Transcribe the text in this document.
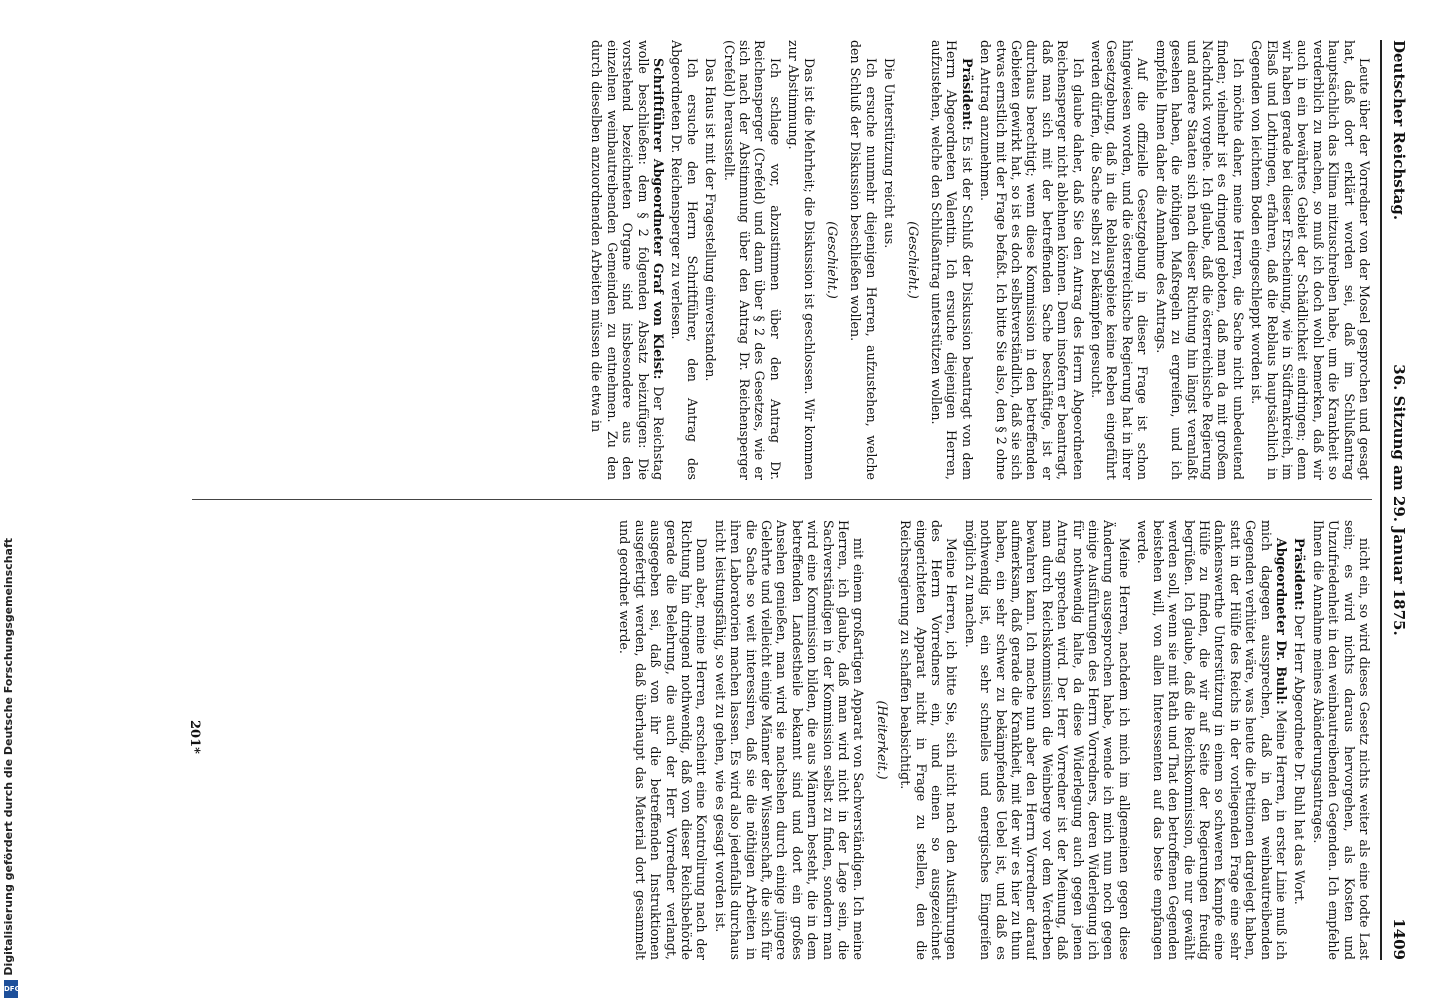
Digitalisierung gefördert durch die Deutsche Forschungsgemeinschaft
DFG
Deutscher Reichstag.
36. Sitzung am 29. Januar 1875.
1409

Leute über der Vorredner von der Mosel gesprochen und gesagt hat, daß dort erklärt worden sei, daß im Schlußantrag hauptsächlich das Klima mitzuschreiben habe, um die Krankheit so verderblich zu machen, so muß ich doch wohl bemerken, daß wir auch in ein bewährtes Gebiet der Schädlichkeit eindringen; denn wir haben gerade bei dieser Erscheinung, wie in Südfrankreich, im Elsaß und Lothringen, erfahren, daß die Reblaus hauptsächlich in Gegenden von leichtem Boden eingeschleppt worden ist.

Ich möchte daher, meine Herren, die Sache nicht unbedeutend finden; vielmehr ist es dringend geboten, daß man da mit großem Nachdruck vorgehe. Ich glaube, daß die österreichische Regierung und andere Staaten sich nach dieser Richtung hin längst veranlaßt gesehen haben, die nöthigen Maßregeln zu ergreifen, und ich empfehle Ihnen daher die Annahme des Antrags.

Auf die offizielle Gesetzgebung in dieser Frage ist schon hingewiesen worden, und die österreichische Regierung hat in ihrer Gesetzgebung, daß in die Reblausgebiete keine Reben eingeführt werden dürfen, die Sache selbst zu bekämpfen gesucht.

Ich glaube daher, daß Sie den Antrag des Herrn Abgeordneten Reichensperger nicht ablehnen können. Denn insofern er beantragt, daß man sich mit der betreffenden Sache beschäftige, ist er durchaus berechtigt; wenn diese Kommission in den betreffenden Gebieten gewirkt hat, so ist es doch selbstverständlich, daß sie sich etwas ernstlich mit der Frage befaßt. Ich bitte Sie also, den § 2 ohne den Antrag anzunehmen.

Präsident: Es ist der Schluß der Diskussion beantragt von dem Herrn Abgeordneten Valentin. Ich ersuche diejenigen Herren, aufzustehen, welche den Schlußantrag unterstützen wollen.

(Geschieht.)

Die Unterstützung reicht aus.

Ich ersuche nunmehr diejenigen Herren, aufzustehen, welche den Schluß der Diskussion beschließen wollen.

(Geschieht.)

Das ist die Mehrheit; die Diskussion ist geschlossen. Wir kommen zur Abstimmung.

Ich schlage vor, abzustimmen über den Antrag Dr. Reichensperger (Crefeld) und dann über § 2 des Gesetzes, wie er sich nach der Abstimmung über den Antrag Dr. Reichensperger (Crefeld) herausstellt.

Das Haus ist mit der Fragestellung einverstanden.

Ich ersuche den Herrn Schriftführer, den Antrag des Abgeordneten Dr. Reichensperger zu verlesen.

Schriftführer Abgeordneter Graf von Kleist: Der Reichstag wolle beschließen: dem § 2 folgenden Absatz beizufügen: Die vorstehend bezeichneten Organe sind insbesondere aus den einzelnen weinbautreibenden Gemeinden zu entnehmen. Zu den durch dieselben anzuordnenden Arbeiten müssen die etwa in

nicht ein, so wird dieses Gesetz nichts weiter als eine todte Last sein; es wird nichts daraus hervorgehen, als Kosten und Unzufriedenheit in den weinbautreibenden Gegenden. Ich empfehle Ihnen die Annahme meines Abänderungsantrages.

Präsident: Der Herr Abgeordnete Dr. Buhl hat das Wort.

Abgeordneter Dr. Buhl: Meine Herren, in erster Linie muß ich mich dagegen aussprechen, daß in den weinbautreibenden Gegenden verhütet wäre, was heute die Petitionen dargelegt haben, statt in der Hülfe des Reichs in der vorliegenden Frage eine sehr dankenswerthe Unterstützung in einem so schweren Kampfe eine Hülfe zu finden, die wir auf Seite der Regierungen freudig begrüßen. Ich glaube, daß die Reichskommission, die nur gewählt werden soll, wenn sie mit Rath und That den betroffenen Gegenden beistehen will, von allen Interessenten auf das beste empfangen werde.

Meine Herren, nachdem ich mich im allgemeinen gegen diese Änderung ausgesprochen habe, wende ich mich nun noch gegen einige Ausführungen des Herrn Vorredners, deren Widerlegung ich für nothwendig halte, da diese Widerlegung auch gegen jenen Antrag sprechen wird. Der Herr Vorredner ist der Meinung, daß man durch Reichskommission die Weinberge vor dem Verderben bewahren kann. Ich mache nun aber den Herrn Vorredner darauf aufmerksam, daß gerade die Krankheit, mit der wir es hier zu thun haben, ein sehr schwer zu bekämpfendes Uebel ist, und daß es nothwendig ist, ein sehr schnelles und energisches Eingreifen möglich zu machen.

Meine Herren, ich bitte Sie, sich nicht nach den Ausführungen des Herrn Vorredners ein, und einen so ausgezeichnet eingerichteten Apparat nicht in Frage zu stellen, den die Reichsregierung zu schaffen beabsichtigt.

(Heiterkeit.)

mit einem großartigen Apparat von Sachverständigen. Ich meine Herren, ich glaube, daß man wird nicht in der Lage sein, die Sachverständigen in der Kommission selbst zu finden, sondern man wird eine Kommission bilden, die aus Männern besteht, die in dem betreffenden Landestheile bekannt sind und dort ein großes Ansehen genießen, man wird sie nachsehen durch einige jüngere Gelehrte und vielleicht einige Männer der Wissenschaft, die sich für die Sache so weit interessiren, daß sie die nöthigen Arbeiten in ihren Laboratorien machen lassen. Es wird also jedenfalls durchaus nicht leistungsfähig, so weit zu gehen, wie es gesagt worden ist.

Dann aber, meine Herren, erscheint eine Kontrolirung nach der Richtung hin dringend nothwendig, daß von dieser Reichsbehörde gerade die Belehrung, die auch der Herr Vorredner verlangt, ausgegeben sei, daß von ihr die betreffenden Instruktionen ausgefertigt werden, daß überhaupt das Material dort gesammelt und geordnet werde.

201*
